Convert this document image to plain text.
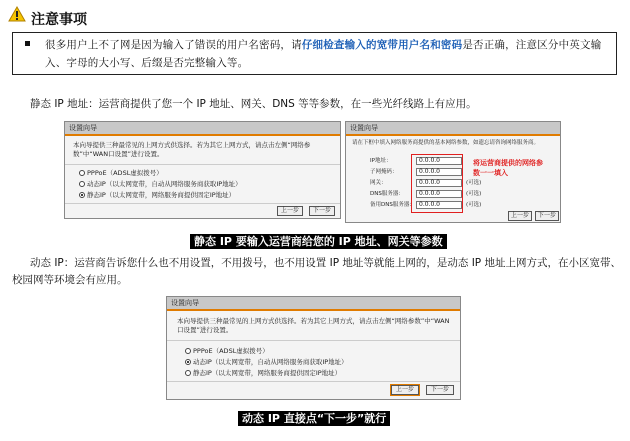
注意事项
很多用户上不了网是因为输入了错误的用户名密码，请仔细检查输入的宽带用户名和密码是否正确，注意区分中英文输入、字母的大小写、后缀是否完整输入等。
静态 IP 地址：运营商提供了您一个 IP 地址、网关、DNS 等等参数，在一些光纤线路上有应用。
设置向导
本向导提供三种最常见的上网方式供选择。若为其它上网方式，请点击左侧“网络参数”中“WAN口设置”进行设置。
PPPoE（ADSL虚拟拨号）
动态IP（以太网宽带，自动从网络服务商获取IP地址）
静态IP（以太网宽带，网络服务商提供固定IP地址）
上一步	下一步
设置向导
请在下框中填入网络服务商提供的基本网络参数，如遗忘请咨询网络服务商。
IP地址：	0.0.0.0
子网掩码：	0.0.0.0
网关：	0.0.0.0	(可选)
DNS服务器：	0.0.0.0	(可选)
备用DNS服务器： 0.0.0.0	(可选)
将运营商提供的网络参数一一填入
上一步	下一步
静态 IP 要输入运营商给您的 IP 地址、网关等参数
动态 IP：运营商告诉您什么也不用设置，不用拨号，也不用设置 IP 地址等就能上网的，是动态 IP 地址上网方式，在小区宽带、校园网等环境会有应用。
设置向导
本向导提供三种最常见的上网方式供选择。若为其它上网方式，请点击左侧“网络参数”中“WAN口设置”进行设置。
PPPoE（ADSL虚拟拨号）
动态IP（以太网宽带，自动从网络服务商获取IP地址）
静态IP（以太网宽带，网络服务商提供固定IP地址）
上一步	下一步
动态 IP 直接点“下一步”就行
